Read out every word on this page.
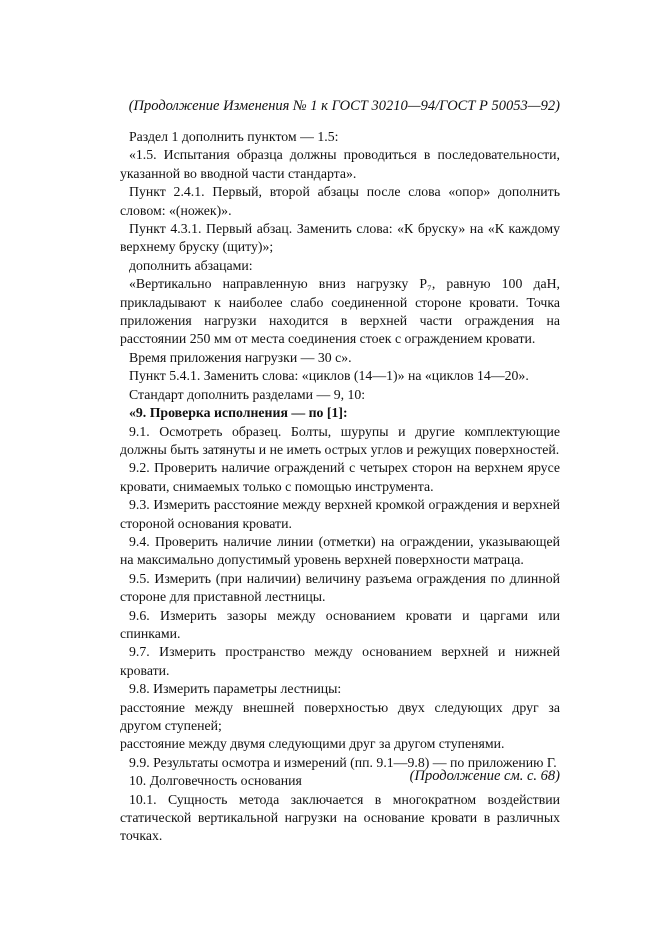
(Продолжение Изменения № 1 к ГОСТ 30210—94/ГОСТ Р 50053—92)

Раздел 1 дополнить пунктом — 1.5:

«1.5. Испытания образца должны проводиться в последовательности, указанной во вводной части стандарта».

Пункт 2.4.1. Первый, второй абзацы после слова «опор» дополнить словом: «(ножек)».

Пункт 4.3.1. Первый абзац. Заменить слова: «К бруску» на «К каждому верхнему бруску (щиту)»;

дополнить абзацами:

«Вертикально направленную вниз нагрузку P₇, равную 100 даН, прикладывают к наиболее слабо соединенной стороне кровати. Точка приложения нагрузки находится в верхней части ограждения на расстоянии 250 мм от места соединения стоек с ограждением кровати.

Время приложения нагрузки — 30 с».

Пункт 5.4.1. Заменить слова: «циклов (14—1)» на «циклов 14—20».

Стандарт дополнить разделами — 9, 10:

«9. Проверка исполнения — по [1]:

9.1. Осмотреть образец. Болты, шурупы и другие комплектующие должны быть затянуты и не иметь острых углов и режущих поверхностей.

9.2. Проверить наличие ограждений с четырех сторон на верхнем ярусе кровати, снимаемых только с помощью инструмента.

9.3. Измерить расстояние между верхней кромкой ограждения и верхней стороной основания кровати.

9.4. Проверить наличие линии (отметки) на ограждении, указывающей на максимально допустимый уровень верхней поверхности матраца.

9.5. Измерить (при наличии) величину разъема ограждения по длинной стороне для приставной лестницы.

9.6. Измерить зазоры между основанием кровати и царгами или спинками.

9.7. Измерить пространство между основанием верхней и нижней кровати.

9.8. Измерить параметры лестницы:

расстояние между внешней поверхностью двух следующих друг за другом ступеней;

расстояние между двумя следующими друг за другом ступенями.

9.9. Результаты осмотра и измерений (пп. 9.1—9.8) — по приложению Г.

10. Долговечность основания

10.1. Сущность метода заключается в многократном воздействии статической вертикальной нагрузки на основание кровати в различных точках.

(Продолжение см. с. 68)
